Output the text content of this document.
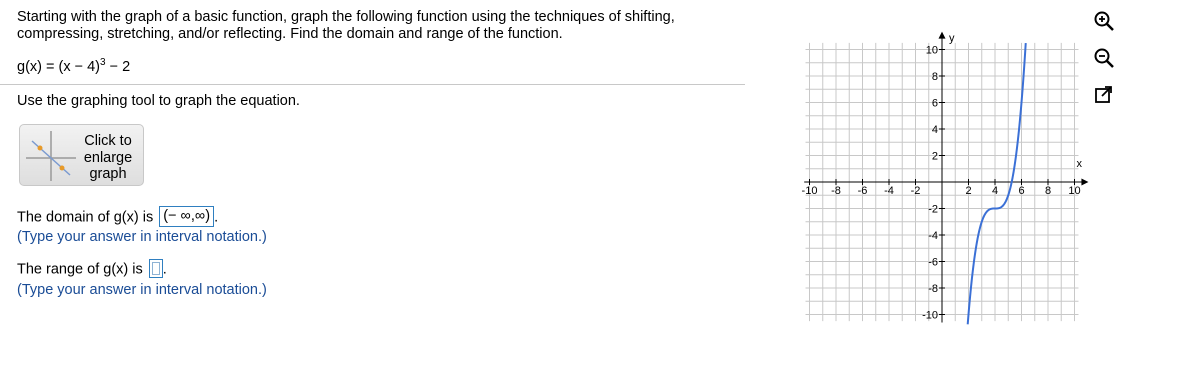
Starting with the graph of a basic function, graph the following function using the techniques of shifting, compressing, stretching, and/or reflecting. Find the domain and range of the function.
$g(x) = (x - 4)^3 - 2$
Use the graphing tool to graph the equation.
Click to enlarge graph
The domain of g(x) is (− ∞,∞) .
(Type your answer in interval notation.)
The range of g(x) is
.
(Type your answer in interval notation.)
-10 -8 -6 -4 -2	2 4 6 8 10
10
8
6
4
2
-2
-4
-6
-8
-10
x
y
